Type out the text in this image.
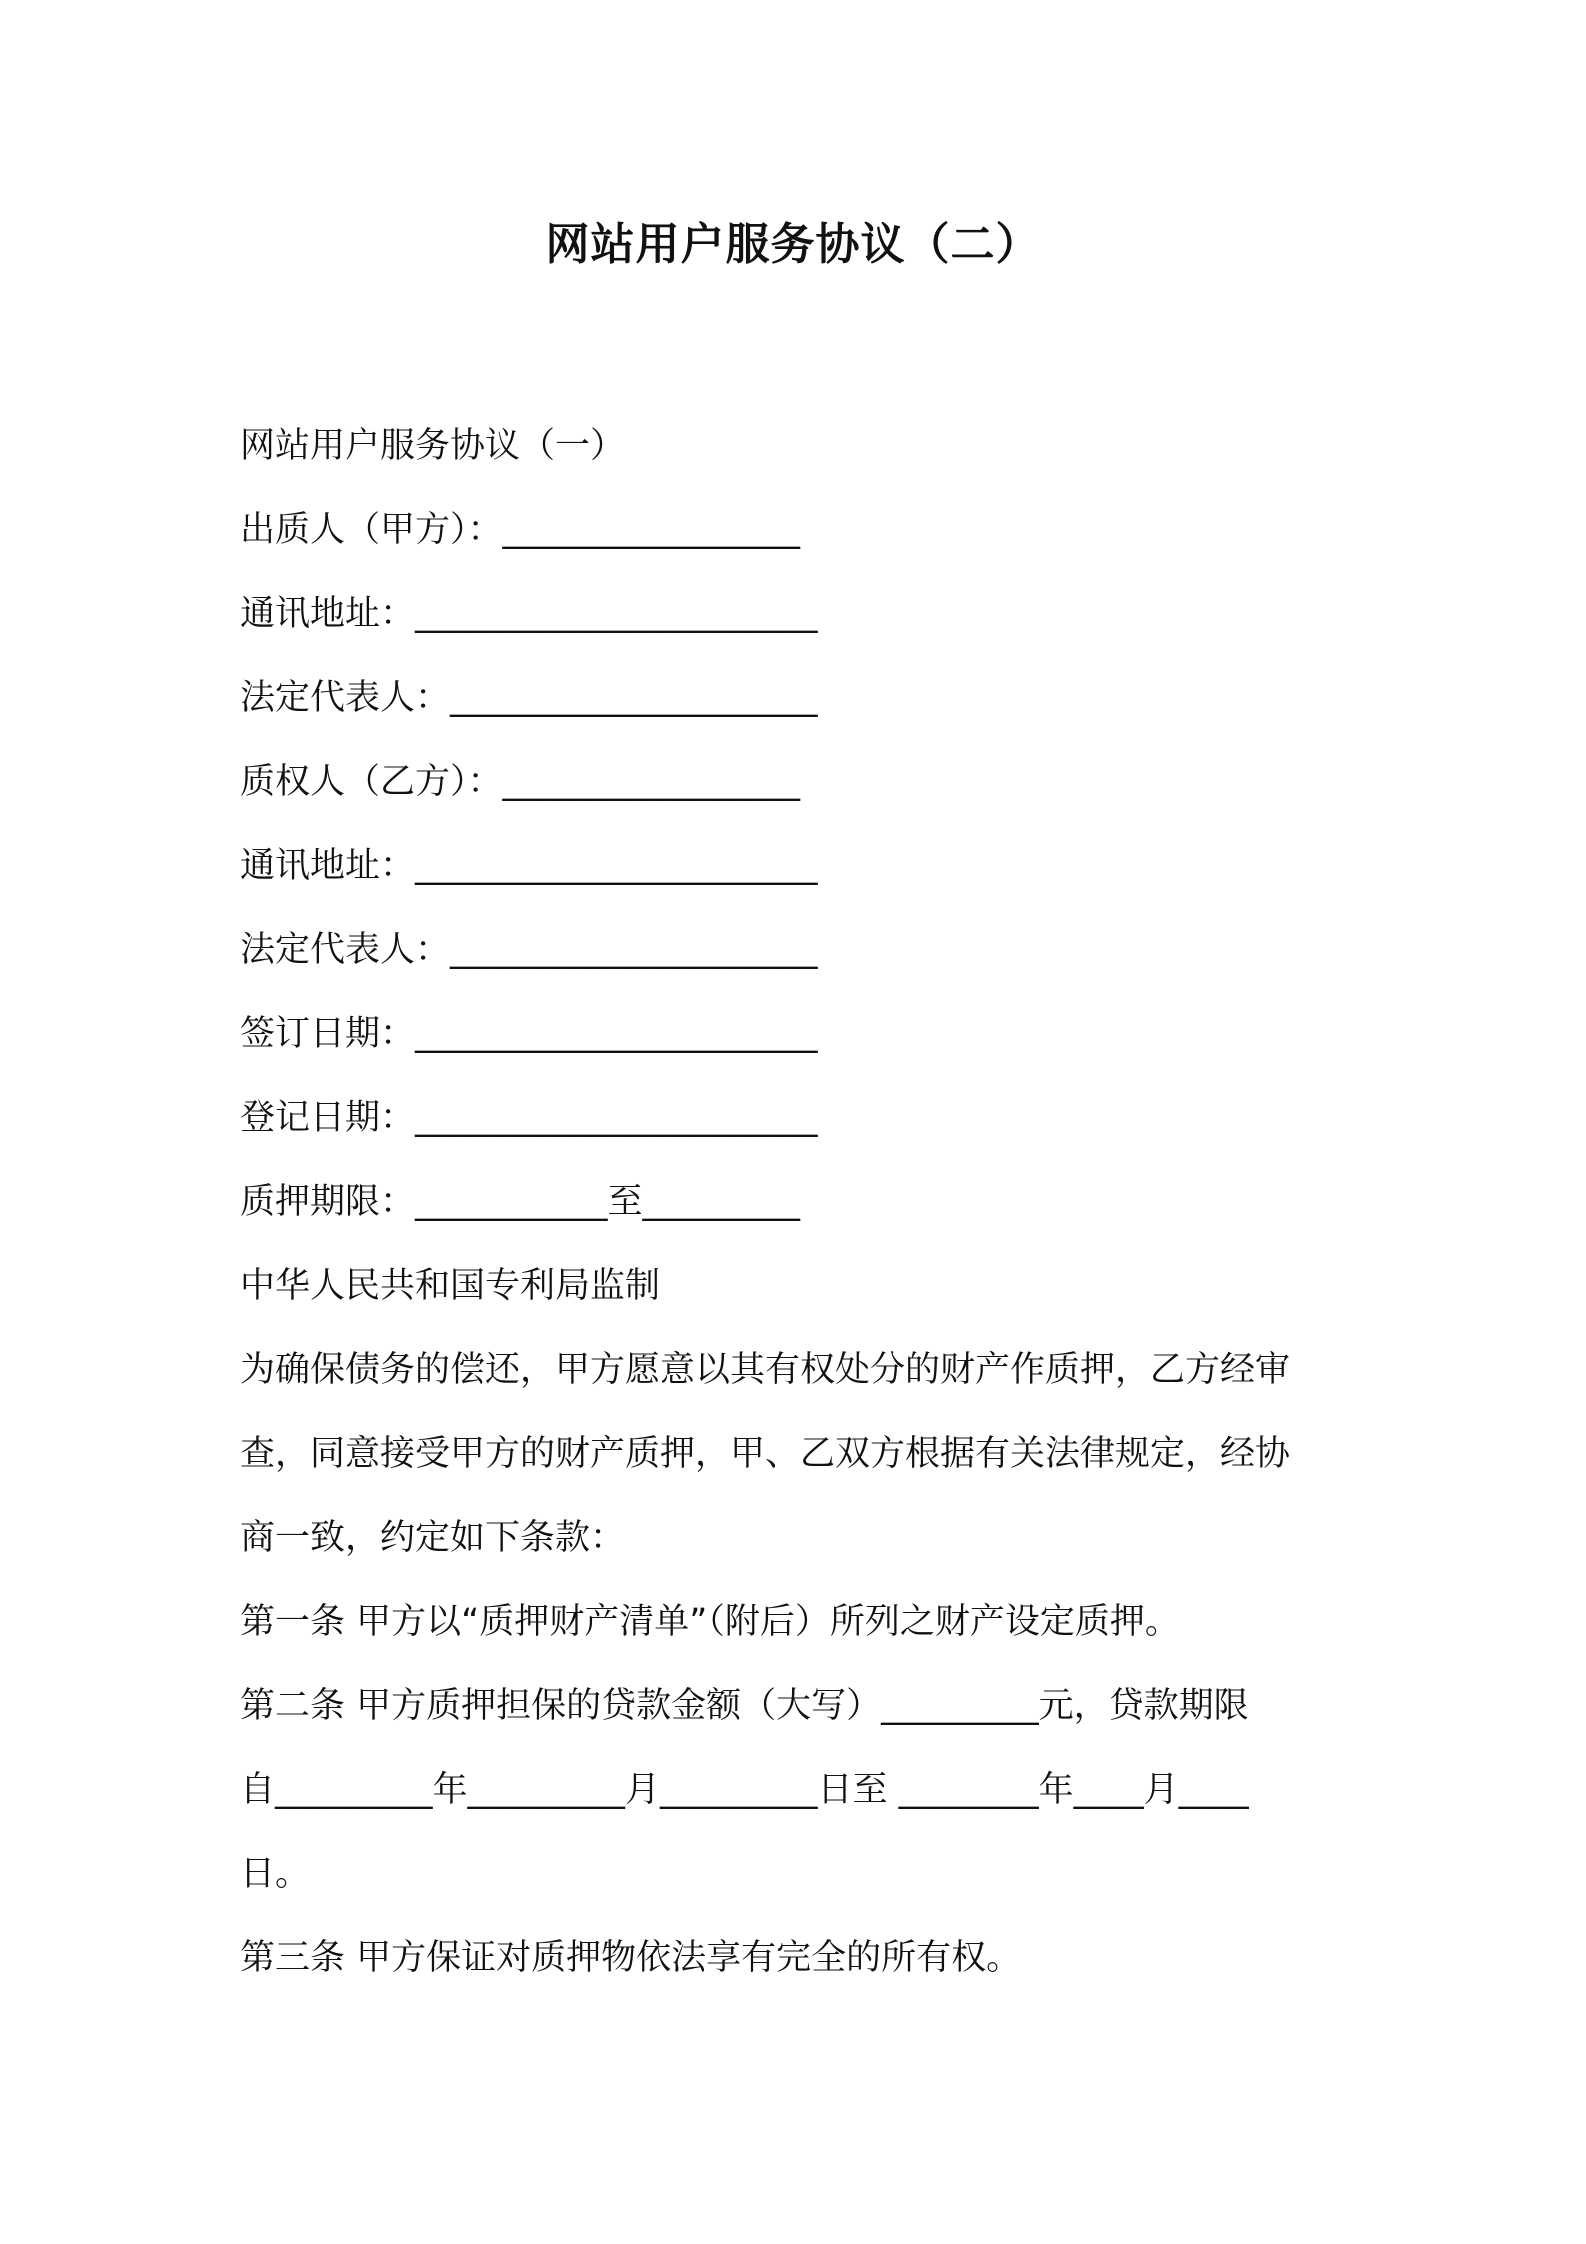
网站用户服务协议（二）
网站用户服务协议（一）
出质人（甲方）：_________________
通讯地址：_______________________
法定代表人：_____________________
质权人（乙方）：_________________
通讯地址：_______________________
法定代表人：_____________________
签订日期：_______________________
登记日期：_______________________
质押期限：___________至_________
中华人民共和国专利局监制
为确保债务的偿还，甲方愿意以其有权处分的财产作质押，乙方经审
查，同意接受甲方的财产质押，甲、乙双方根据有关法律规定，经协
商一致，约定如下条款：
第一条 甲方以“质押财产清单”（附后）所列之财产设定质押。
第二条 甲方质押担保的贷款金额（大写）_________元，贷款期限
自_________年_________月_________日至 ________年____月____
日。
第三条 甲方保证对质押物依法享有完全的所有权。
